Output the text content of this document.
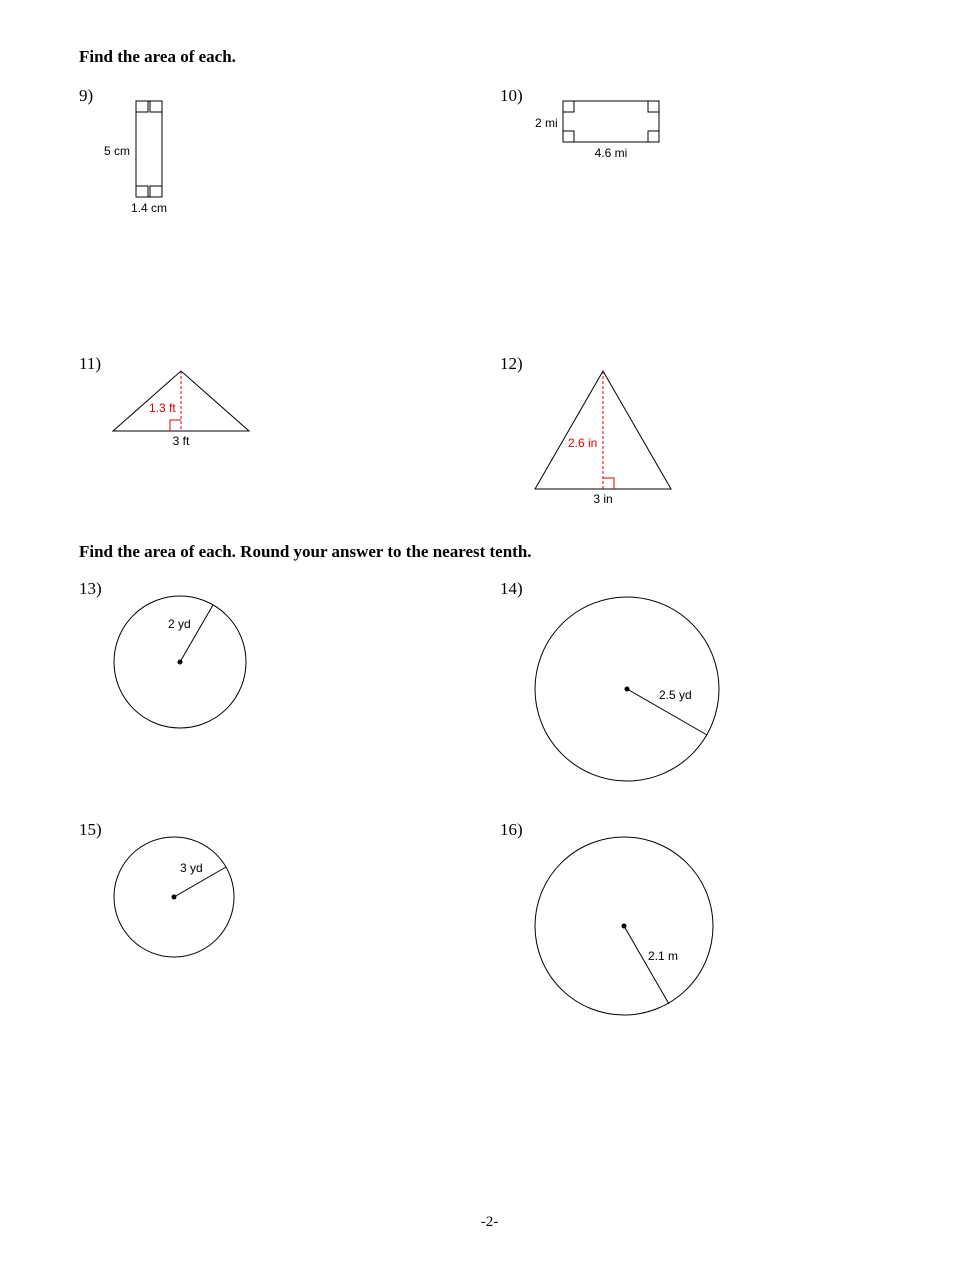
Find the area of each.
Find the area of each. Round your answer to the nearest tenth.
9)	10)
11)	12)
13)	14)
15)	16)
5 cm
1.4 cm
2 mi
4.6 mi
1.3 ft
3 ft	2.6 in
3 in
2 yd
2.5 yd
3 yd
2.1 m
-2-
